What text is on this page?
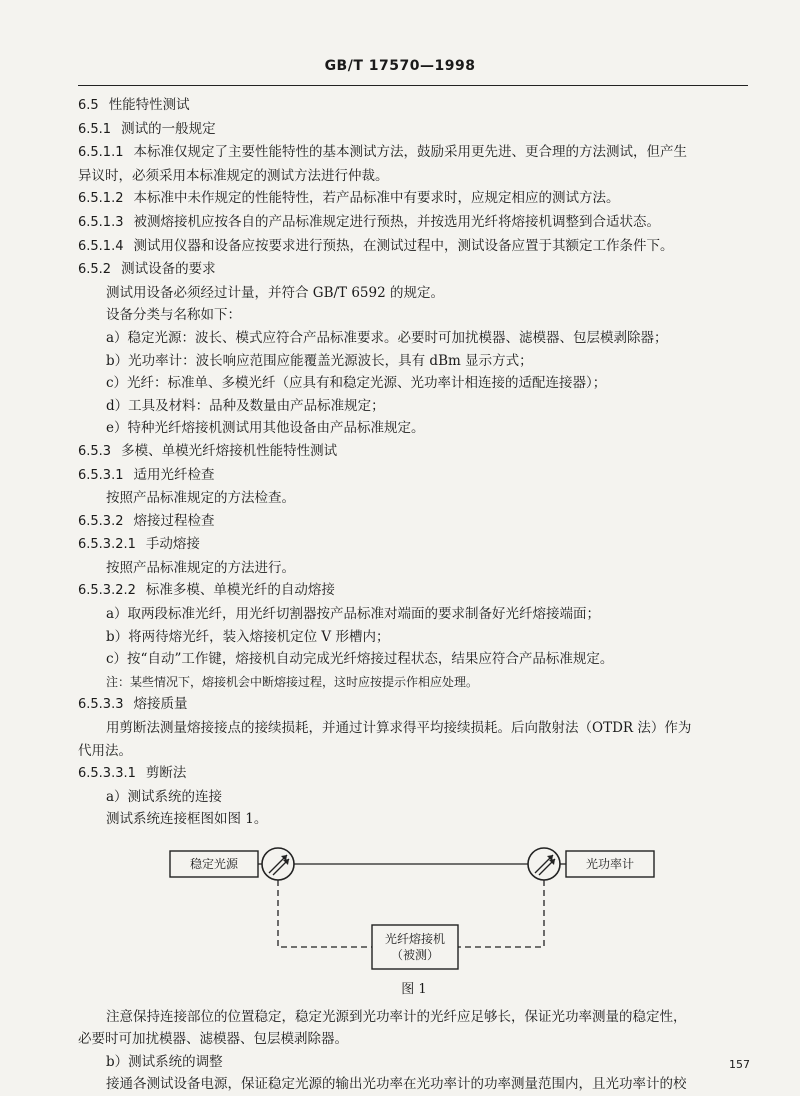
GB/T 17570—1998
6.5 性能特性测试
6.5.1 测试的一般规定
6.5.1.1 本标准仅规定了主要性能特性的基本测试方法，鼓励采用更先进、更合理的方法测试，但产生
异议时，必须采用本标准规定的测试方法进行仲裁。
6.5.1.2 本标准中未作规定的性能特性，若产品标准中有要求时，应规定相应的测试方法。
6.5.1.3 被测熔接机应按各自的产品标准规定进行预热，并按选用光纤将熔接机调整到合适状态。
6.5.1.4 测试用仪器和设备应按要求进行预热，在测试过程中，测试设备应置于其额定工作条件下。
6.5.2 测试设备的要求
测试用设备必须经过计量，并符合 GB/T 6592 的规定。
设备分类与名称如下：
a）稳定光源：波长、模式应符合产品标准要求。必要时可加扰模器、滤模器、包层模剥除器；
b）光功率计：波长响应范围应能覆盖光源波长，具有 dBm 显示方式；
c）光纤：标准单、多模光纤（应具有和稳定光源、光功率计相连接的适配连接器）；
d）工具及材料：品种及数量由产品标准规定；
e）特种光纤熔接机测试用其他设备由产品标准规定。
6.5.3 多模、单模光纤熔接机性能特性测试
6.5.3.1 适用光纤检查
按照产品标准规定的方法检查。
6.5.3.2 熔接过程检查
6.5.3.2.1 手动熔接
按照产品标准规定的方法进行。
6.5.3.2.2 标准多模、单模光纤的自动熔接
a）取两段标准光纤，用光纤切割器按产品标准对端面的要求制备好光纤熔接端面；
b）将两待熔光纤，装入熔接机定位 V 形槽内；
c）按“自动”工作键，熔接机自动完成光纤熔接过程状态，结果应符合产品标准规定。
注：某些情况下，熔接机会中断熔接过程，这时应按提示作相应处理。
6.5.3.3 熔接质量
用剪断法测量熔接接点的接续损耗，并通过计算求得平均接续损耗。后向散射法（OTDR 法）作为
代用法。
6.5.3.3.1 剪断法
a）测试系统的连接
测试系统连接框图如图 1。
稳定光源	光功率计
光纤熔接机
（被测）
图 1
注意保持连接部位的位置稳定，稳定光源到光功率计的光纤应足够长，保证光功率测量的稳定性，
必要时可加扰模器、滤模器、包层模剥除器。
b）测试系统的调整
接通各测试设备电源，保证稳定光源的输出光功率在光功率计的功率测量范围内，且光功率计的校
157
